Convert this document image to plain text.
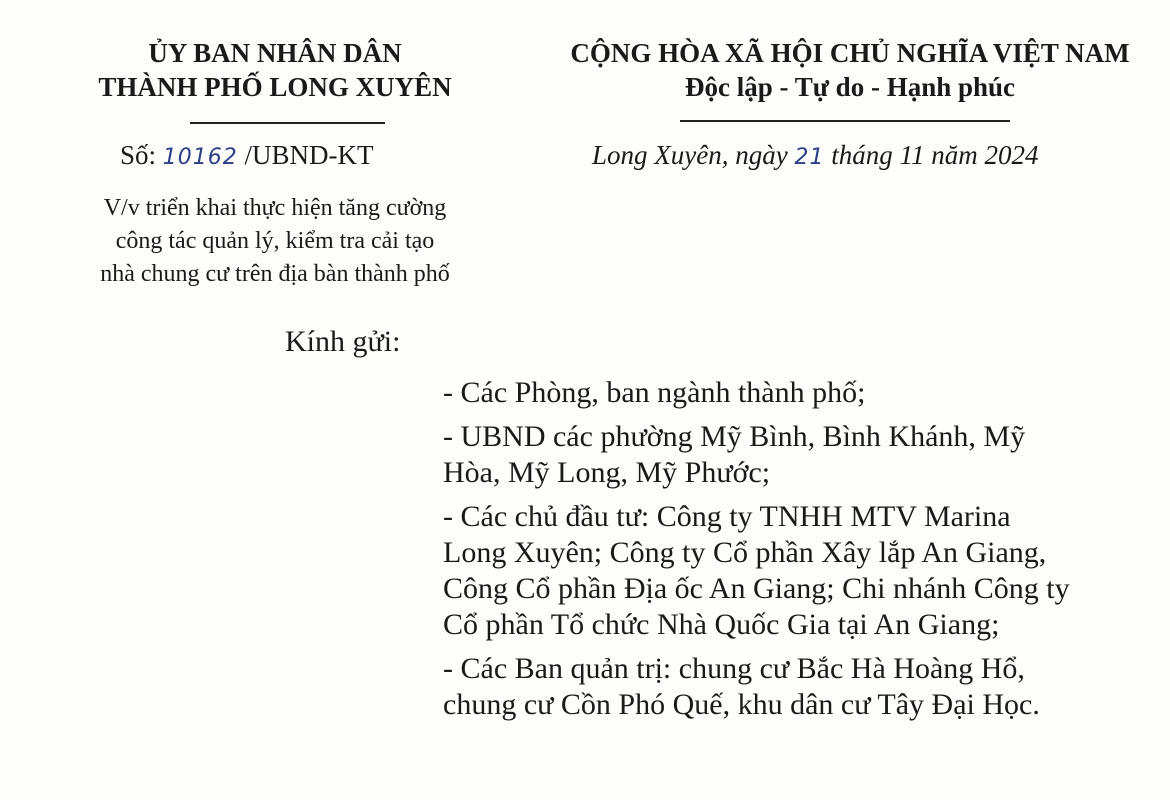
ỦY BAN NHÂN DÂN
THÀNH PHỐ LONG XUYÊN
CỘNG HÒA XÃ HỘI CHỦ NGHĨA VIỆT NAM
Độc lập - Tự do - Hạnh phúc
Số: 10162 /UBND-KT	Long Xuyên, ngày 21 tháng 11 năm 2024
V/v triển khai thực hiện tăng cường
công tác quản lý, kiểm tra cải tạo
nhà chung cư trên địa bàn thành phố
Kính gửi:
- Các Phòng, ban ngành thành phố;
- UBND các phường Mỹ Bình, Bình Khánh, Mỹ
Hòa, Mỹ Long, Mỹ Phước;
- Các chủ đầu tư: Công ty TNHH MTV Marina
Long Xuyên; Công ty Cổ phần Xây lắp An Giang,
Công Cổ phần Địa ốc An Giang; Chi nhánh Công ty
Cổ phần Tổ chức Nhà Quốc Gia tại An Giang;
- Các Ban quản trị: chung cư Bắc Hà Hoàng Hổ,
chung cư Cồn Phó Quế, khu dân cư Tây Đại Học.
